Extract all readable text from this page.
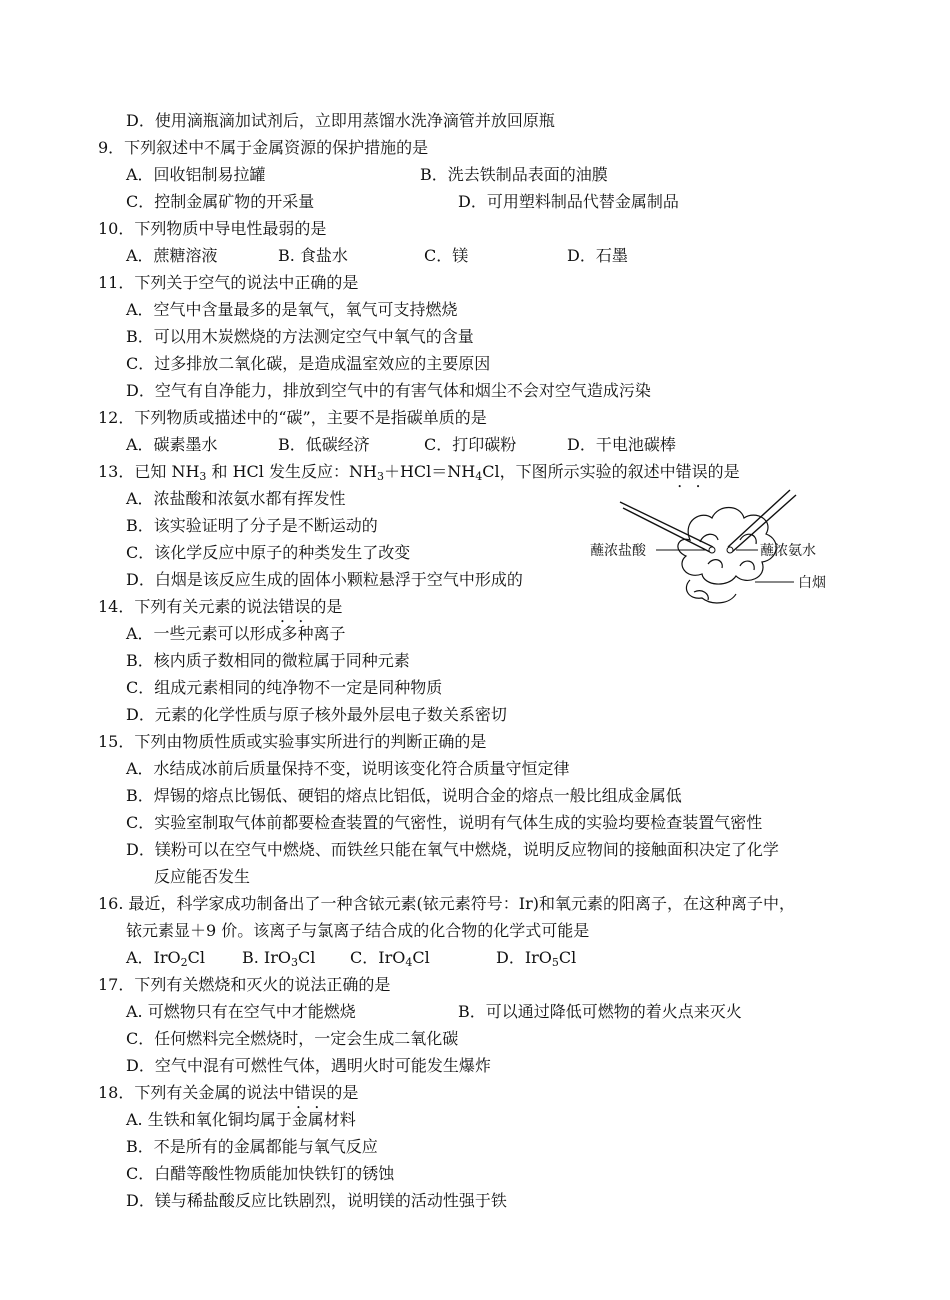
D．使用滴瓶滴加试剂后，立即用蒸馏水洗净滴管并放回原瓶
9．下列叙述中不属于金属资源的保护措施的是
A．回收铝制易拉罐	B．洗去铁制品表面的油膜
C．控制金属矿物的开采量	D．可用塑料制品代替金属制品
10．下列物质中导电性最弱的是
A．蔗糖溶液	B. 食盐水	C．镁	D．石墨
11．下列关于空气的说法中正确的是
A．空气中含量最多的是氧气，氧气可支持燃烧
B．可以用木炭燃烧的方法测定空气中氧气的含量
C．过多排放二氧化碳，是造成温室效应的主要原因
D．空气有自净能力，排放到空气中的有害气体和烟尘不会对空气造成污染
12．下列物质或描述中的“碳”，主要不是指碳单质的是
A．碳素墨水	B．低碳经济	C．打印碳粉	D．干电池碳棒
13．已知 $NH_3$ 和 HCl 发生反应：$NH_3+HCl=NH_4Cl$，下图所示实验的叙述中错误 • •的是
A．浓盐酸和浓氨水都有挥发性
B．该实验证明了分子是不断运动的
C．该化学反应中原子的种类发生了改变
D．白烟是该反应生成的固体小颗粒悬浮于空气中形成的
蘸浓盐酸	蘸浓氨水
白烟
14．下列有关元素的说法错误 • •的是
A．一些元素可以形成多种离子
B．核内质子数相同的微粒属于同种元素
C．组成元素相同的纯净物不一定是同种物质
D．元素的化学性质与原子核外最外层电子数关系密切
15．下列由物质性质或实验事实所进行的判断正确的是
A．水结成冰前后质量保持不变，说明该变化符合质量守恒定律
B．焊锡的熔点比锡低、硬铝的熔点比铝低，说明合金的熔点一般比组成金属低
C．实验室制取气体前都要检查装置的气密性，说明有气体生成的实验均要检查装置气密性
D．镁粉可以在空气中燃烧、而铁丝只能在氧气中燃烧，说明反应物间的接触面积决定了化学
反应能否发生
16. 最近，科学家成功制备出了一种含铱元素(铱元素符号：Ir)和氧元素的阳离子，在这种离子中，
铱元素显＋9 价。该离子与氯离子结合成的化合物的化学式可能是
A．IrO$_2$Cl B. IrO$_3$Cl C．IrO$_4$Cl	D．IrO$_5$Cl
17．下列有关燃烧和灭火的说法正确的是
A. 可燃物只有在空气中才能燃烧	B．可以通过降低可燃物的着火点来灭火
C．任何燃料完全燃烧时，一定会生成二氧化碳
D．空气中混有可燃性气体，遇明火时可能发生爆炸
18．下列有关金属的说法中错误 • •的是
A. 生铁和氧化铜均属于金属材料
B．不是所有的金属都能与氧气反应
C．白醋等酸性物质能加快铁钉的锈蚀
D．镁与稀盐酸反应比铁剧烈，说明镁的活动性强于铁
